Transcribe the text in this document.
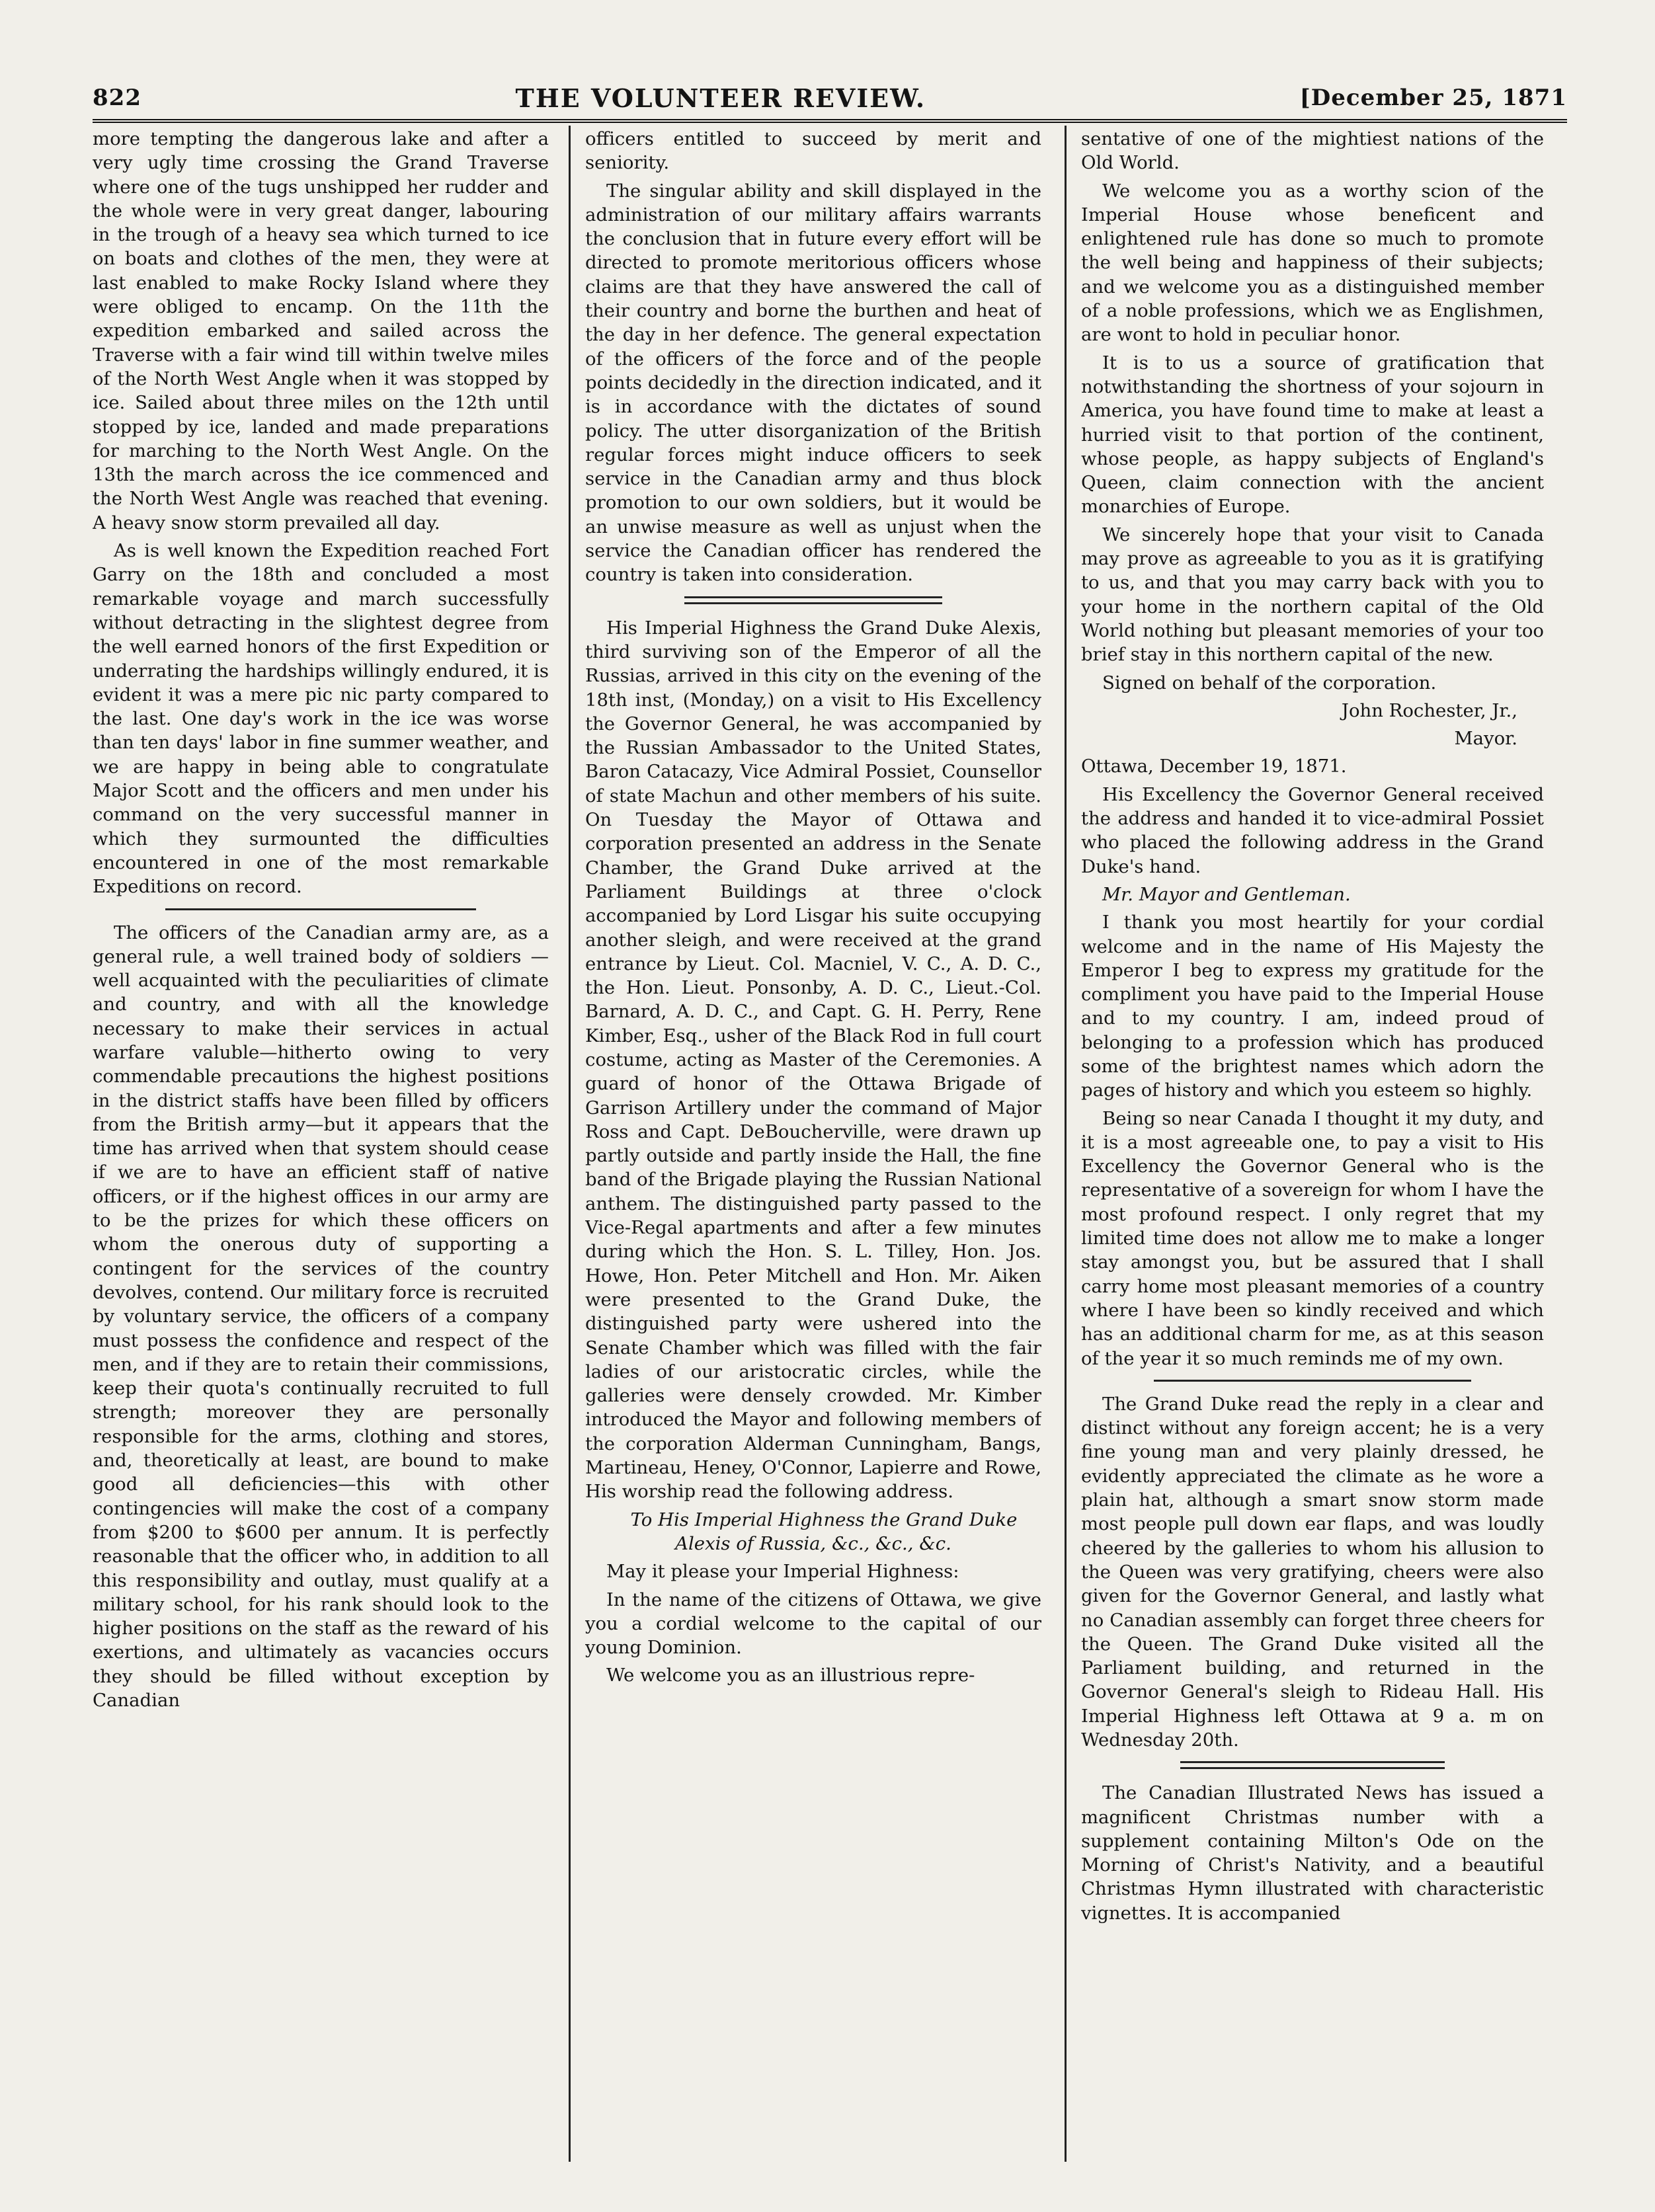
822	THE VOLUNTEER REVIEW.	[December 25, 1871

more tempting the dangerous lake and after a very ugly time crossing the Grand Traverse where one of the tugs unshipped her rudder and the whole were in very great danger, labouring in the trough of a heavy sea which turned to ice on boats and clothes of the men, they were at last enabled to make Rocky Island where they were obliged to encamp. On the 11th the expedition embarked and sailed across the Traverse with a fair wind till within twelve miles of the North West Angle when it was stopped by ice. Sailed about three miles on the 12th until stopped by ice, landed and made preparations for marching to the North West Angle. On the 13th the march across the ice commenced and the North West Angle was reached that evening. A heavy snow storm prevailed all day.

As is well known the Expedition reached Fort Garry on the 18th and concluded a most remarkable voyage and march successfully without detracting in the slightest degree from the well earned honors of the first Expedition or underrating the hardships willingly endured, it is evident it was a mere pic nic party compared to the last. One day's work in the ice was worse than ten days' labor in fine summer weather, and we are happy in being able to congratulate Major Scott and the officers and men under his command on the very successful manner in which they surmounted the difficulties encountered in one of the most remarkable Expeditions on record.

The officers of the Canadian army are, as a general rule, a well trained body of soldiers —well acquainted with the peculiarities of climate and country, and with all the knowledge necessary to make their services in actual warfare valuble—hitherto owing to very commendable precautions the highest positions in the district staffs have been filled by officers from the British army—but it appears that the time has arrived when that system should cease if we are to have an efficient staff of native officers, or if the highest offices in our army are to be the prizes for which these officers on whom the onerous duty of supporting a contingent for the services of the country devolves, contend. Our military force is recruited by voluntary service, the officers of a company must possess the confidence and respect of the men, and if they are to retain their commissions, keep their quota's continually recruited to full strength; moreover they are personally responsible for the arms, clothing and stores, and, theoretically at least, are bound to make good all deficiencies—this with other contingencies will make the cost of a company from $200 to $600 per annum. It is perfectly reasonable that the officer who, in addition to all this responsibility and outlay, must qualify at a military school, for his rank should look to the higher positions on the staff as the reward of his exertions, and ultimately as vacancies occurs they should be filled without exception by Canadian

officers entitled to succeed by merit and seniority.

The singular ability and skill displayed in the administration of our military affairs warrants the conclusion that in future every effort will be directed to promote meritorious officers whose claims are that they have answered the call of their country and borne the burthen and heat of the day in her defence. The general expectation of the officers of the force and of the people points decidedly in the direction indicated, and it is in accordance with the dictates of sound policy. The utter disorganization of the British regular forces might induce officers to seek service in the Canadian army and thus block promotion to our own soldiers, but it would be an unwise measure as well as unjust when the service the Canadian officer has rendered the country is taken into consideration.

His Imperial Highness the Grand Duke Alexis, third surviving son of the Emperor of all the Russias, arrived in this city on the evening of the 18th inst, (Monday,) on a visit to His Excellency the Governor General, he was accompanied by the Russian Ambassador to the United States, Baron Catacazy, Vice Admiral Possiet, Counsellor of state Machun and other members of his suite. On Tuesday the Mayor of Ottawa and corporation presented an address in the Senate Chamber, the Grand Duke arrived at the Parliament Buildings at three o'clock accompanied by Lord Lisgar his suite occupying another sleigh, and were received at the grand entrance by Lieut. Col. Macniel, V. C., A. D. C., the Hon. Lieut. Ponsonby, A. D. C., Lieut.-Col. Barnard, A. D. C., and Capt. G. H. Perry, Rene Kimber, Esq., usher of the Black Rod in full court costume, acting as Master of the Ceremonies. A guard of honor of the Ottawa Brigade of Garrison Artillery under the command of Major Ross and Capt. DeBoucherville, were drawn up partly outside and partly inside the Hall, the fine band of the Brigade playing the Russian National anthem. The distinguished party passed to the Vice-Regal apartments and after a few minutes during which the Hon. S. L. Tilley, Hon. Jos. Howe, Hon. Peter Mitchell and Hon. Mr. Aiken were presented to the Grand Duke, the distinguished party were ushered into the Senate Chamber which was filled with the fair ladies of our aristocratic circles, while the galleries were densely crowded. Mr. Kimber introduced the Mayor and following members of the corporation Alderman Cunningham, Bangs, Martineau, Heney, O'Connor, Lapierre and Rowe, His worship read the following address.

To His Imperial Highness the Grand Duke Alexis of Russia, &c., &c., &c.

May it please your Imperial Highness:

In the name of the citizens of Ottawa, we give you a cordial welcome to the capital of our young Dominion.

We welcome you as an illustrious repre-

sentative of one of the mightiest nations of the Old World.

We welcome you as a worthy scion of the Imperial House whose beneficent and enlightened rule has done so much to promote the well being and happiness of their subjects; and we welcome you as a distinguished member of a noble professions, which we as Englishmen, are wont to hold in peculiar honor.

It is to us a source of gratification that notwithstanding the shortness of your sojourn in America, you have found time to make at least a hurried visit to that portion of the continent, whose people, as happy subjects of England's Queen, claim connection with the ancient monarchies of Europe.

We sincerely hope that your visit to Canada may prove as agreeable to you as it is gratifying to us, and that you may carry back with you to your home in the northern capital of the Old World nothing but pleasant memories of your too brief stay in this northern capital of the new.

Signed on behalf of the corporation.

John Rochester, Jr.,

Mayor.

Ottawa, December 19, 1871.

His Excellency the Governor General received the address and handed it to vice-admiral Possiet who placed the following address in the Grand Duke's hand.

Mr. Mayor and Gentleman.

I thank you most heartily for your cordial welcome and in the name of His Majesty the Emperor I beg to express my gratitude for the compliment you have paid to the Imperial House and to my country. I am, indeed proud of belonging to a profession which has produced some of the brightest names which adorn the pages of history and which you esteem so highly.

Being so near Canada I thought it my duty, and it is a most agreeable one, to pay a visit to His Excellency the Governor General who is the representative of a sovereign for whom I have the most profound respect. I only regret that my limited time does not allow me to make a longer stay amongst you, but be assured that I shall carry home most pleasant memories of a country where I have been so kindly received and which has an additional charm for me, as at this season of the year it so much reminds me of my own.

The Grand Duke read the reply in a clear and distinct without any foreign accent; he is a very fine young man and very plainly dressed, he evidently appreciated the climate as he wore a plain hat, although a smart snow storm made most people pull down ear flaps, and was loudly cheered by the galleries to whom his allusion to the Queen was very gratifying, cheers were also given for the Governor General, and lastly what no Canadian assembly can forget three cheers for the Queen. The Grand Duke visited all the Parliament building, and returned in the Governor General's sleigh to Rideau Hall. His Imperial Highness left Ottawa at 9 a. m on Wednesday 20th.

The Canadian Illustrated News has issued a magnificent Christmas number with a supplement containing Milton's Ode on the Morning of Christ's Nativity, and a beautiful Christmas Hymn illustrated with characteristic vignettes. It is accompanied
